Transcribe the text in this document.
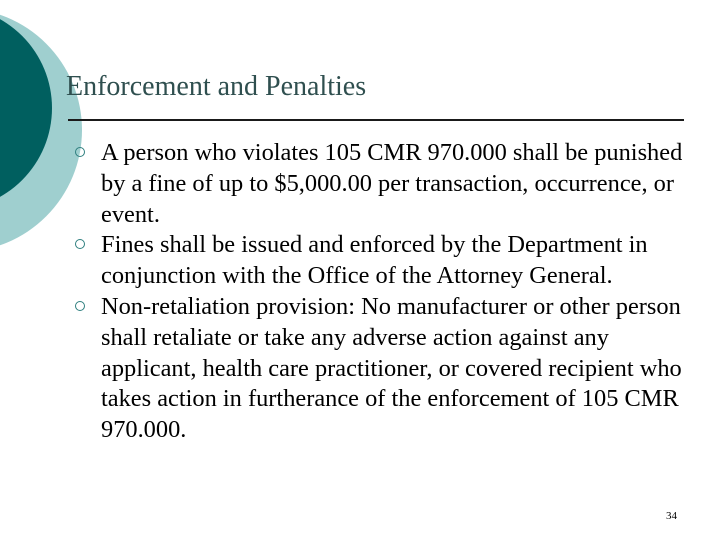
Enforcement and Penalties
A person who violates 105 CMR 970.000 shall be punished by a fine of up to $5,000.00 per transaction, occurrence, or event.
Fines shall be issued and enforced by the Department in conjunction with the Office of the Attorney General.
Non-retaliation provision: No manufacturer or other person shall retaliate or take any adverse action against any applicant, health care practitioner, or covered recipient who takes action in furtherance of the enforcement of 105 CMR 970.000.
34
